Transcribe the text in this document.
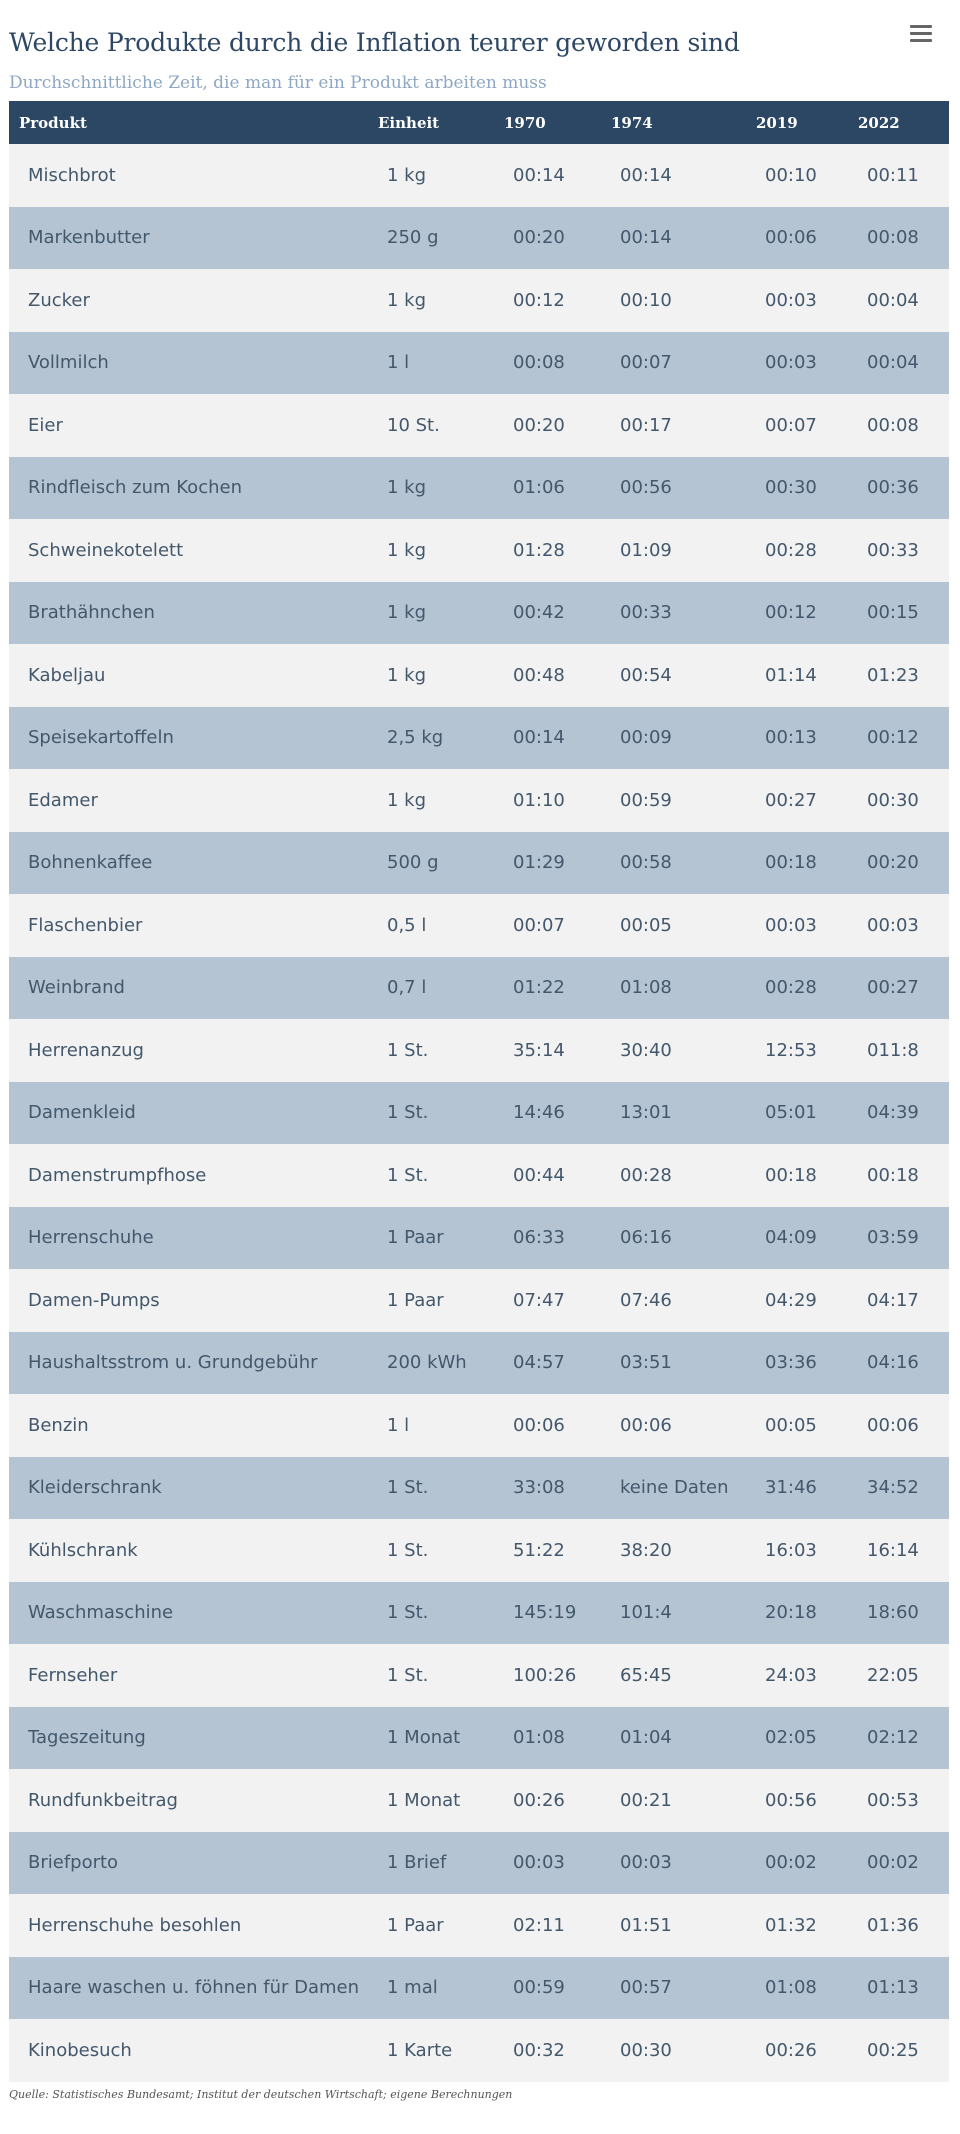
Welche Produkte durch die Inflation teurer geworden sind
Durchschnittliche Zeit, die man für ein Produkt arbeiten muss
Produkt	Einheit	1970	1974	2019	2022
Mischbrot	1 kg	00:14	00:14	00:10	00:11
Markenbutter	250 g	00:20	00:14	00:06	00:08
Zucker	1 kg	00:12	00:10	00:03	00:04
Vollmilch	1 l	00:08	00:07	00:03	00:04
Eier	10 St.	00:20	00:17	00:07	00:08
Rindfleisch zum Kochen	1 kg	01:06	00:56	00:30	00:36
Schweinekotelett	1 kg	01:28	01:09	00:28	00:33
Brathähnchen	1 kg	00:42	00:33	00:12	00:15
Kabeljau	1 kg	00:48	00:54	01:14	01:23
Speisekartoffeln	2,5 kg	00:14	00:09	00:13	00:12
Edamer	1 kg	01:10	00:59	00:27	00:30
Bohnenkaffee	500 g	01:29	00:58	00:18	00:20
Flaschenbier	0,5 l	00:07	00:05	00:03	00:03
Weinbrand	0,7 l	01:22	01:08	00:28	00:27
Herrenanzug	1 St.	35:14	30:40	12:53	011:8
Damenkleid	1 St.	14:46	13:01	05:01	04:39
Damenstrumpfhose	1 St.	00:44	00:28	00:18	00:18
Herrenschuhe	1 Paar	06:33	06:16	04:09	03:59
Damen-Pumps	1 Paar	07:47	07:46	04:29	04:17
Haushaltsstrom u. Grundgebühr	200 kWh	04:57	03:51	03:36	04:16
Benzin	1 l	00:06	00:06	00:05	00:06
Kleiderschrank	1 St.	33:08	keine Daten	31:46	34:52
Kühlschrank	1 St.	51:22	38:20	16:03	16:14
Waschmaschine	1 St.	145:19	101:4	20:18	18:60
Fernseher	1 St.	100:26	65:45	24:03	22:05
Tageszeitung	1 Monat	01:08	01:04	02:05	02:12
Rundfunkbeitrag	1 Monat	00:26	00:21	00:56	00:53
Briefporto	1 Brief	00:03	00:03	00:02	00:02
Herrenschuhe besohlen	1 Paar	02:11	01:51	01:32	01:36
Haare waschen u. föhnen für Damen	1 mal	00:59	00:57	01:08	01:13
Kinobesuch	1 Karte	00:32	00:30	00:26	00:25

Quelle: Statistisches Bundesamt; Institut der deutschen Wirtschaft; eigene Berechnungen
